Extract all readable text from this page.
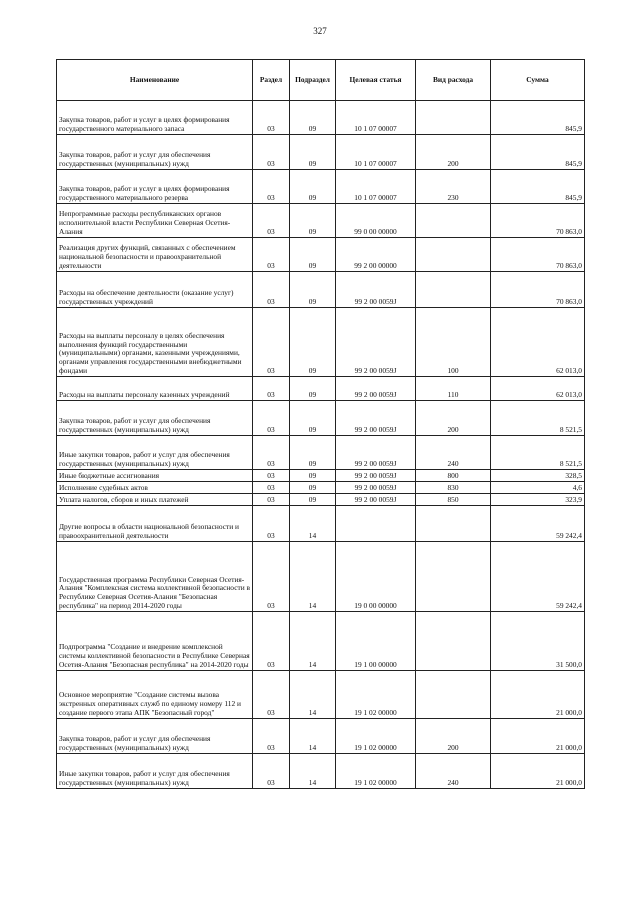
327
Наименование	Раздел	Подраздел	Целевая статья	Вид расхода	Сумма
Закупка товаров, работ и услуг в целях формирования государственного материального запаса	03	09	10 1 07 00007		845,9
Закупка товаров, работ и услуг для обеспечения государственных (муниципальных) нужд	03	09	10 1 07 00007	200	845,9
Закупка товаров, работ и услуг в целях формирования государственного материального резерва	03	09	10 1 07 00007	230	845,9
Непрограммные расходы республиканских органов исполнительной власти Республики Северная Осетия-Алания	03	09	99 0 00 00000		70 863,0
Реализация других функций, связанных с обеспечением национальной безопасности и правоохранительной деятельности	03	09	99 2 00 00000		70 863,0
Расходы на обеспечение деятельности (оказание услуг) государственных учреждений	03	09	99 2 00 0059J		70 863,0
Расходы на выплаты персоналу в целях обеспечения выполнения функций государственными (муниципальными) органами, казенными учреждениями, органами управления государственными внебюджетными фондами	03	09	99 2 00 0059J	100	62 013,0
Расходы на выплаты персоналу казенных учреждений	03	09	99 2 00 0059J	110	62 013,0
Закупка товаров, работ и услуг для обеспечения государственных (муниципальных) нужд	03	09	99 2 00 0059J	200	8 521,5
Иные закупки товаров, работ и услуг для обеспечения государственных (муниципальных) нужд	03	09	99 2 00 0059J	240	8 521,5
Иные бюджетные ассигнования	03	09	99 2 00 0059J	800	328,5
Исполнение судебных актов	03	09	99 2 00 0059J	830	4,6
Уплата налогов, сборов и иных платежей	03	09	99 2 00 0059J	850	323,9
Другие вопросы в области национальной безопасности и правоохранительной деятельности	03	14			59 242,4
Государственная программа Республики Северная Осетия-Алания "Комплексная система коллективной безопасности в Республике Северная Осетия-Алания "Безопасная республика" на период 2014-2020 годы	03	14	19 0 00 00000		59 242,4
Подпрограмма "Создание и внедрение комплексной системы коллективной безопасности в Республике Северная Осетия-Алания "Безопасная республика" на 2014-2020 годы	03	14	19 1 00 00000		31 500,0
Основное мероприятие "Создание системы вызова экстренных оперативных служб по единому номеру 112 и создание первого этапа АПК "Безопасный город"	03	14	19 1 02 00000		21 000,0
Закупка товаров, работ и услуг для обеспечения государственных (муниципальных) нужд	03	14	19 1 02 00000	200	21 000,0
Иные закупки товаров, работ и услуг для обеспечения государственных (муниципальных) нужд	03	14	19 1 02 00000	240	21 000,0
